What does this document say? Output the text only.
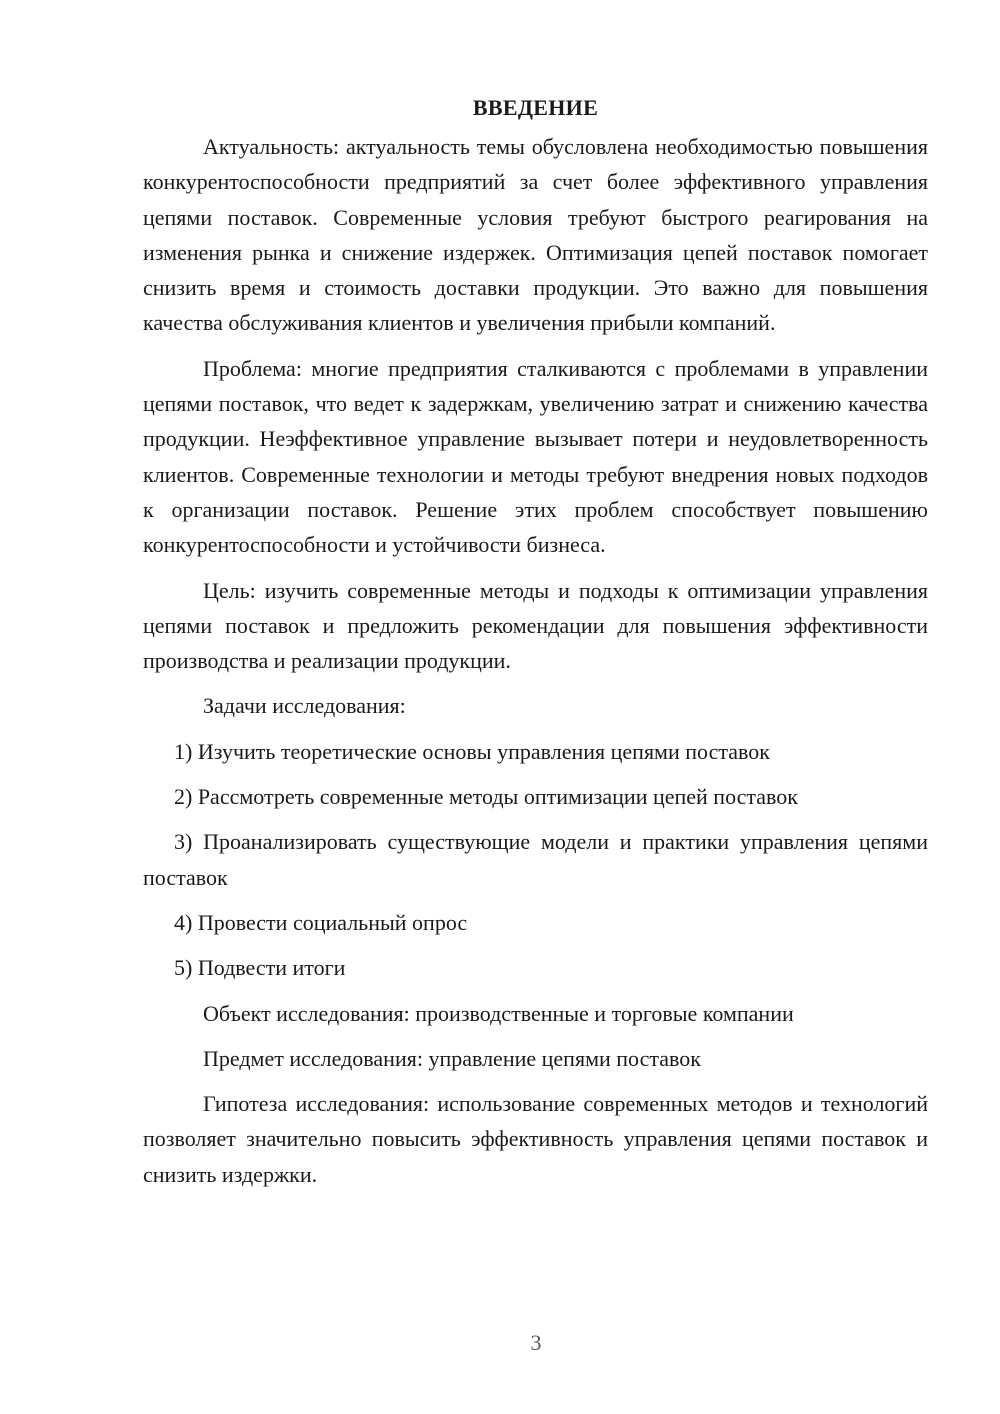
ВВЕДЕНИЕ

Актуальность: актуальность темы обусловлена необходимостью повышения конкурентоспособности предприятий за счет более эффективного управления цепями поставок. Современные условия требуют быстрого реагирования на изменения рынка и снижение издержек. Оптимизация цепей поставок помогает снизить время и стоимость доставки продукции. Это важно для повышения качества обслуживания клиентов и увеличения прибыли компаний.

Проблема: многие предприятия сталкиваются с проблемами в управлении цепями поставок, что ведет к задержкам, увеличению затрат и снижению качества продукции. Неэффективное управление вызывает потери и неудовлетворенность клиентов. Современные технологии и методы требуют внедрения новых подходов к организации поставок. Решение этих проблем способствует повышению конкурентоспособности и устойчивости бизнеса.

Цель: изучить современные методы и подходы к оптимизации управления цепями поставок и предложить рекомендации для повышения эффективности производства и реализации продукции.

Задачи исследования:

1) Изучить теоретические основы управления цепями поставок

2) Рассмотреть современные методы оптимизации цепей поставок

3) Проанализировать существующие модели и практики управления цепями поставок

4) Провести социальный опрос

5) Подвести итоги

Объект исследования: производственные и торговые компании

Предмет исследования: управление цепями поставок

Гипотеза исследования: использование современных методов и технологий позволяет значительно повысить эффективность управления цепями поставок и снизить издержки.

3
